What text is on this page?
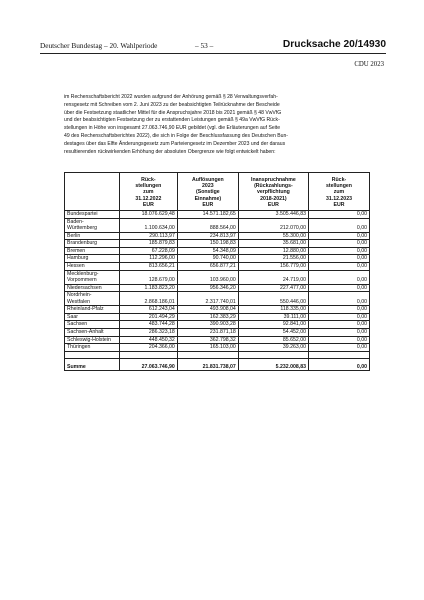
Deutscher Bundestag – 20. Wahlperiode	– 53 –	Drucksache 20/14930
CDU 2023
im Rechenschaftsbericht 2022 wurden aufgrund der Anhörung gemäß § 28 Verwaltungsverfah-
rensgesetz mit Schreiben vom 2. Juni 2023 zu der beabsichtigten Teilrücknahme der Bescheide
über die Festsetzung staatlicher Mittel für die Anspruchsjahre 2018 bis 2021 gemäß § 48 VwVfG
und der beabsichtigten Festsetzung der zu erstattenden Leistungen gemäß § 49a VwVfG Rück-
stellungen in Höhe von insgesamt 27.063.746,90 EUR gebildet (vgl. die Erläuterungen auf Seite
49 des Rechenschaftsberichtes 2022), die sich in Folge der Beschlussfassung des Deutschen Bun-
destages über das Elfte Änderungsgesetz zum Parteiengesetz im Dezember 2023 und der daraus
resultierenden rückwirkenden Erhöhung der absoluten Obergrenze wie folgt entwickelt haben:
	Rück-
stellungen
zum
31.12.2022
EUR	Auflösungen
2023
(Sonstige
Einnahme)
EUR	Inanspruchnahme
(Rückzahlungs-
verpflichtung
2018-2021)
EUR	Rück-
stellungen
zum
31.12.2023
EUR
Bundespartei	18.076.629,48	14.571.182,65	3.505.446,83	0,00
Baden-
Württemberg	1.100.634,00	888.564,00	212.070,00	0,00
Berlin	290.113,97	234.813,97	55.300,00	0,00
Brandenburg	185.879,83	150.198,83	35.681,00	0,00
Bremen	67.228,09	54.348,09	12.880,00	0,00
Hamburg	112.296,00	90.740,00	21.556,00	0,00
Hessen	813.656,21	656.877,21	156.779,00	0,00
Mecklenburg-
Vorpommern	128.679,00	103.960,00	24.719,00	0,00
Niedersachsen	1.183.823,20	956.346,20	227.477,00	0,00
Nordrhein-
Westfalen	2.868.186,01	2.317.740,01	550.446,00	0,00
Rheinland-Pfalz	612.243,04	493.908,04	118.335,00	0,00
Saar	201.494,29	162.383,29	39.111,00	0,00
Sachsen	483.744,28	390.903,28	92.841,00	0,00
Sachsen-Anhalt	286.323,18	231.871,18	54.452,00	0,00
Schleswig-Holstein	448.450,32	362.798,32	85.652,00	0,00
Thüringen	204.366,00	165.103,00	39.263,00	0,00

Summe	27.063.746,90	21.831.738,07	5.232.008,83	0,00
